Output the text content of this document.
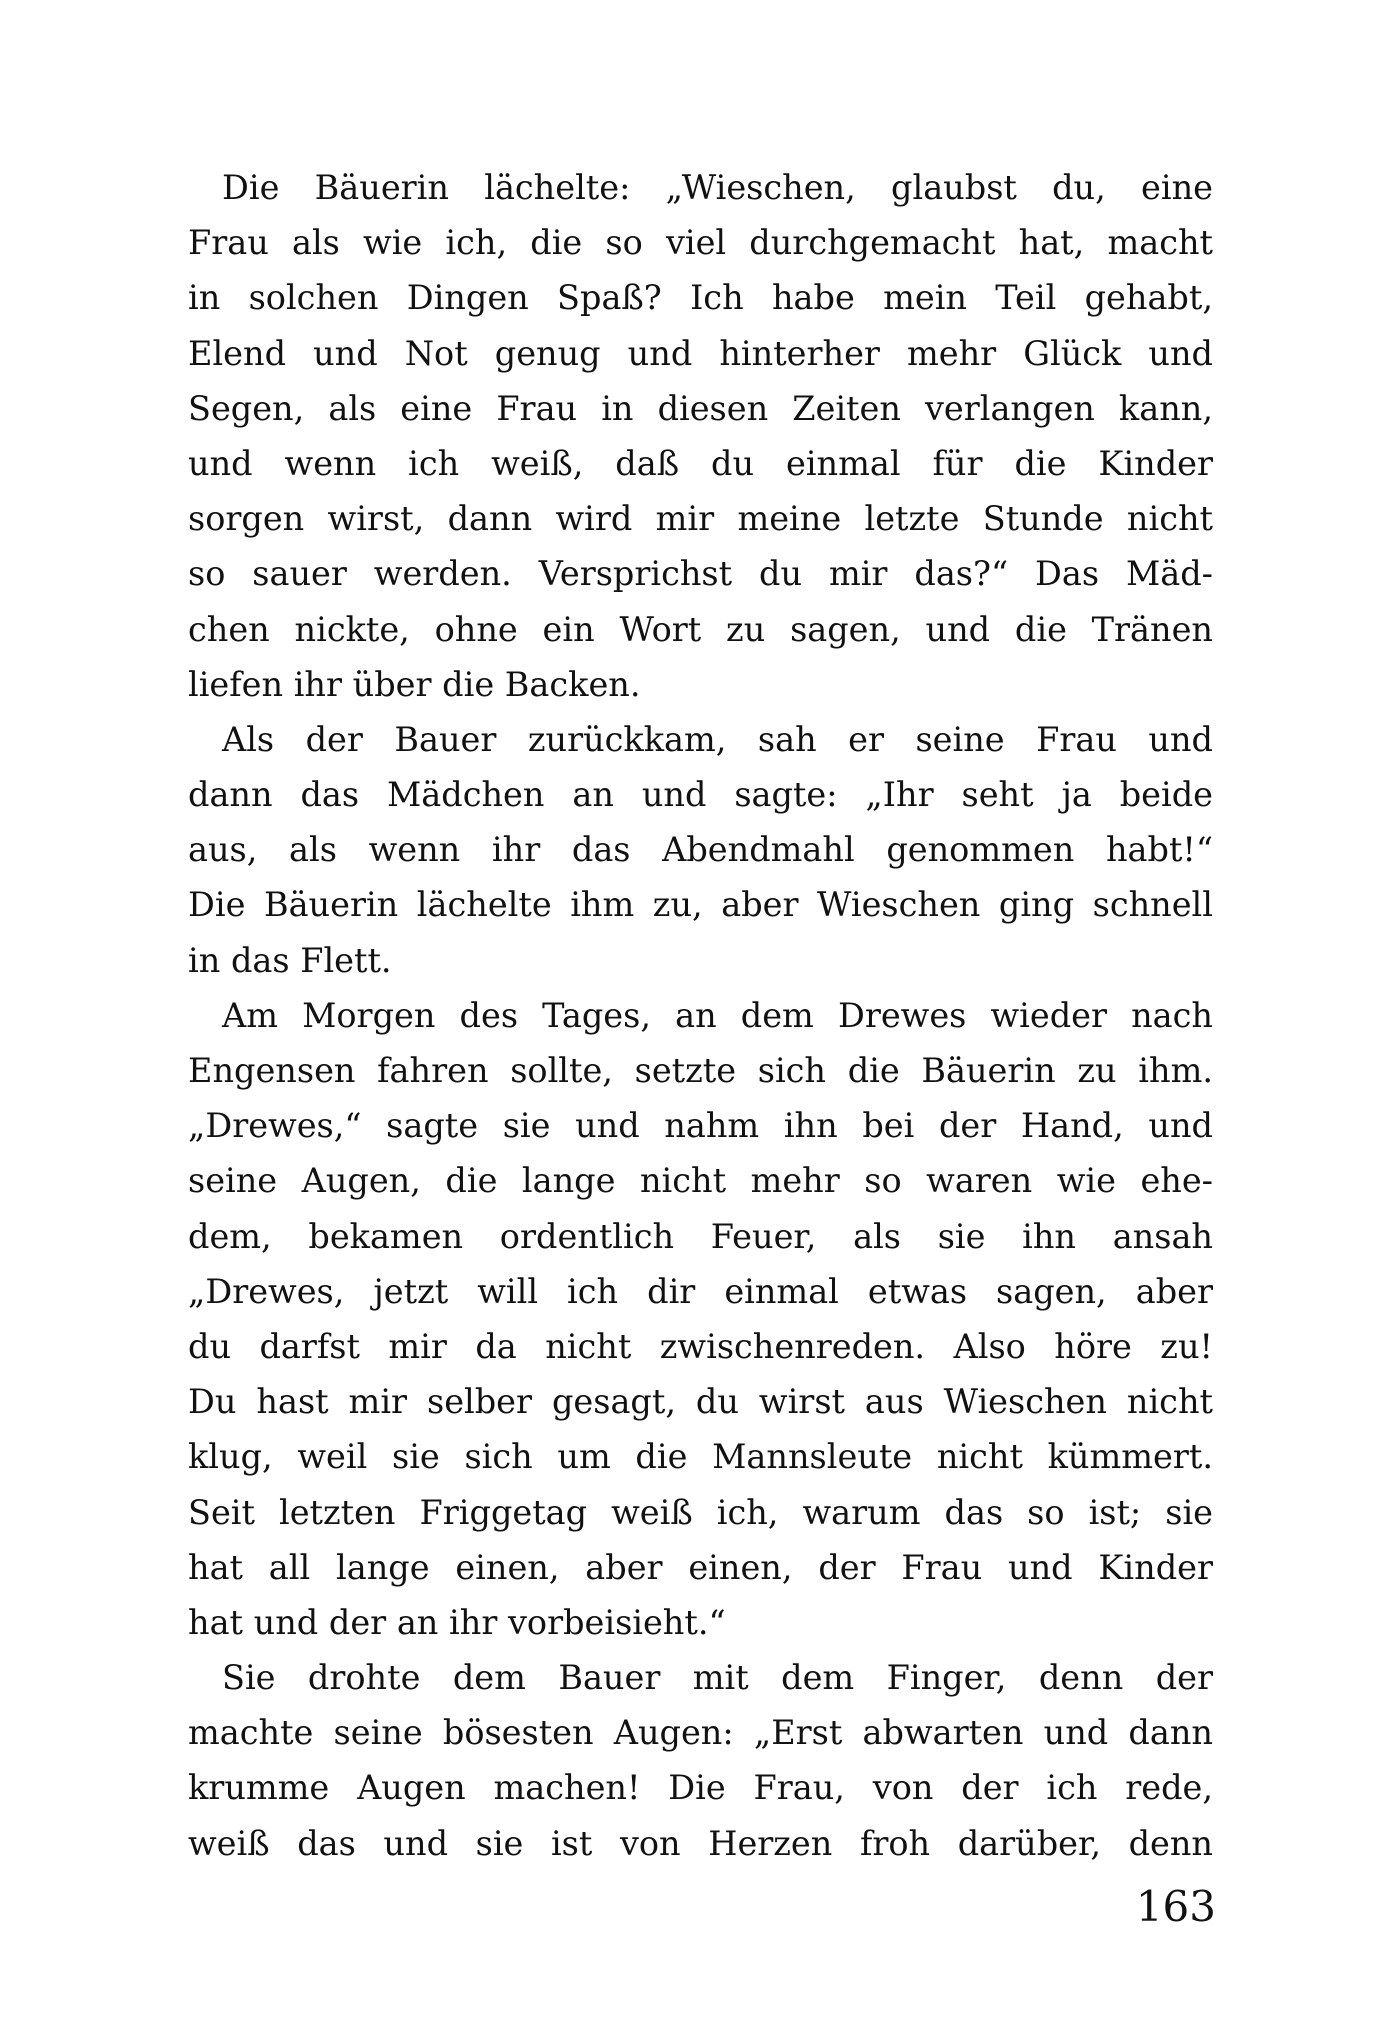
Die Bäuerin lächelte: „Wieschen, glaubst du, eine
Frau als wie ich, die so viel durchgemacht hat, macht
in solchen Dingen Spaß? Ich habe mein Teil gehabt,
Elend und Not genug und hinterher mehr Glück und
Segen, als eine Frau in diesen Zeiten verlangen kann,
und wenn ich weiß, daß du einmal für die Kinder
sorgen wirst, dann wird mir meine letzte Stunde nicht
so sauer werden. Versprichst du mir das?“ Das Mäd-
chen nickte, ohne ein Wort zu sagen, und die Tränen
liefen ihr über die Backen.
Als der Bauer zurückkam, sah er seine Frau und
dann das Mädchen an und sagte: „Ihr seht ja beide
aus, als wenn ihr das Abendmahl genommen habt!“
Die Bäuerin lächelte ihm zu, aber Wieschen ging schnell
in das Flett.
Am Morgen des Tages, an dem Drewes wieder nach
Engensen fahren sollte, setzte sich die Bäuerin zu ihm.
„Drewes,“ sagte sie und nahm ihn bei der Hand, und
seine Augen, die lange nicht mehr so waren wie ehe-
dem, bekamen ordentlich Feuer, als sie ihn ansah
„Drewes, jetzt will ich dir einmal etwas sagen, aber
du darfst mir da nicht zwischenreden. Also höre zu!
Du hast mir selber gesagt, du wirst aus Wieschen nicht
klug, weil sie sich um die Mannsleute nicht kümmert.
Seit letzten Friggetag weiß ich, warum das so ist; sie
hat all lange einen, aber einen, der Frau und Kinder
hat und der an ihr vorbeisieht.“
Sie drohte dem Bauer mit dem Finger, denn der
machte seine bösesten Augen: „Erst abwarten und dann
krumme Augen machen! Die Frau, von der ich rede,
weiß das und sie ist von Herzen froh darüber, denn
163
